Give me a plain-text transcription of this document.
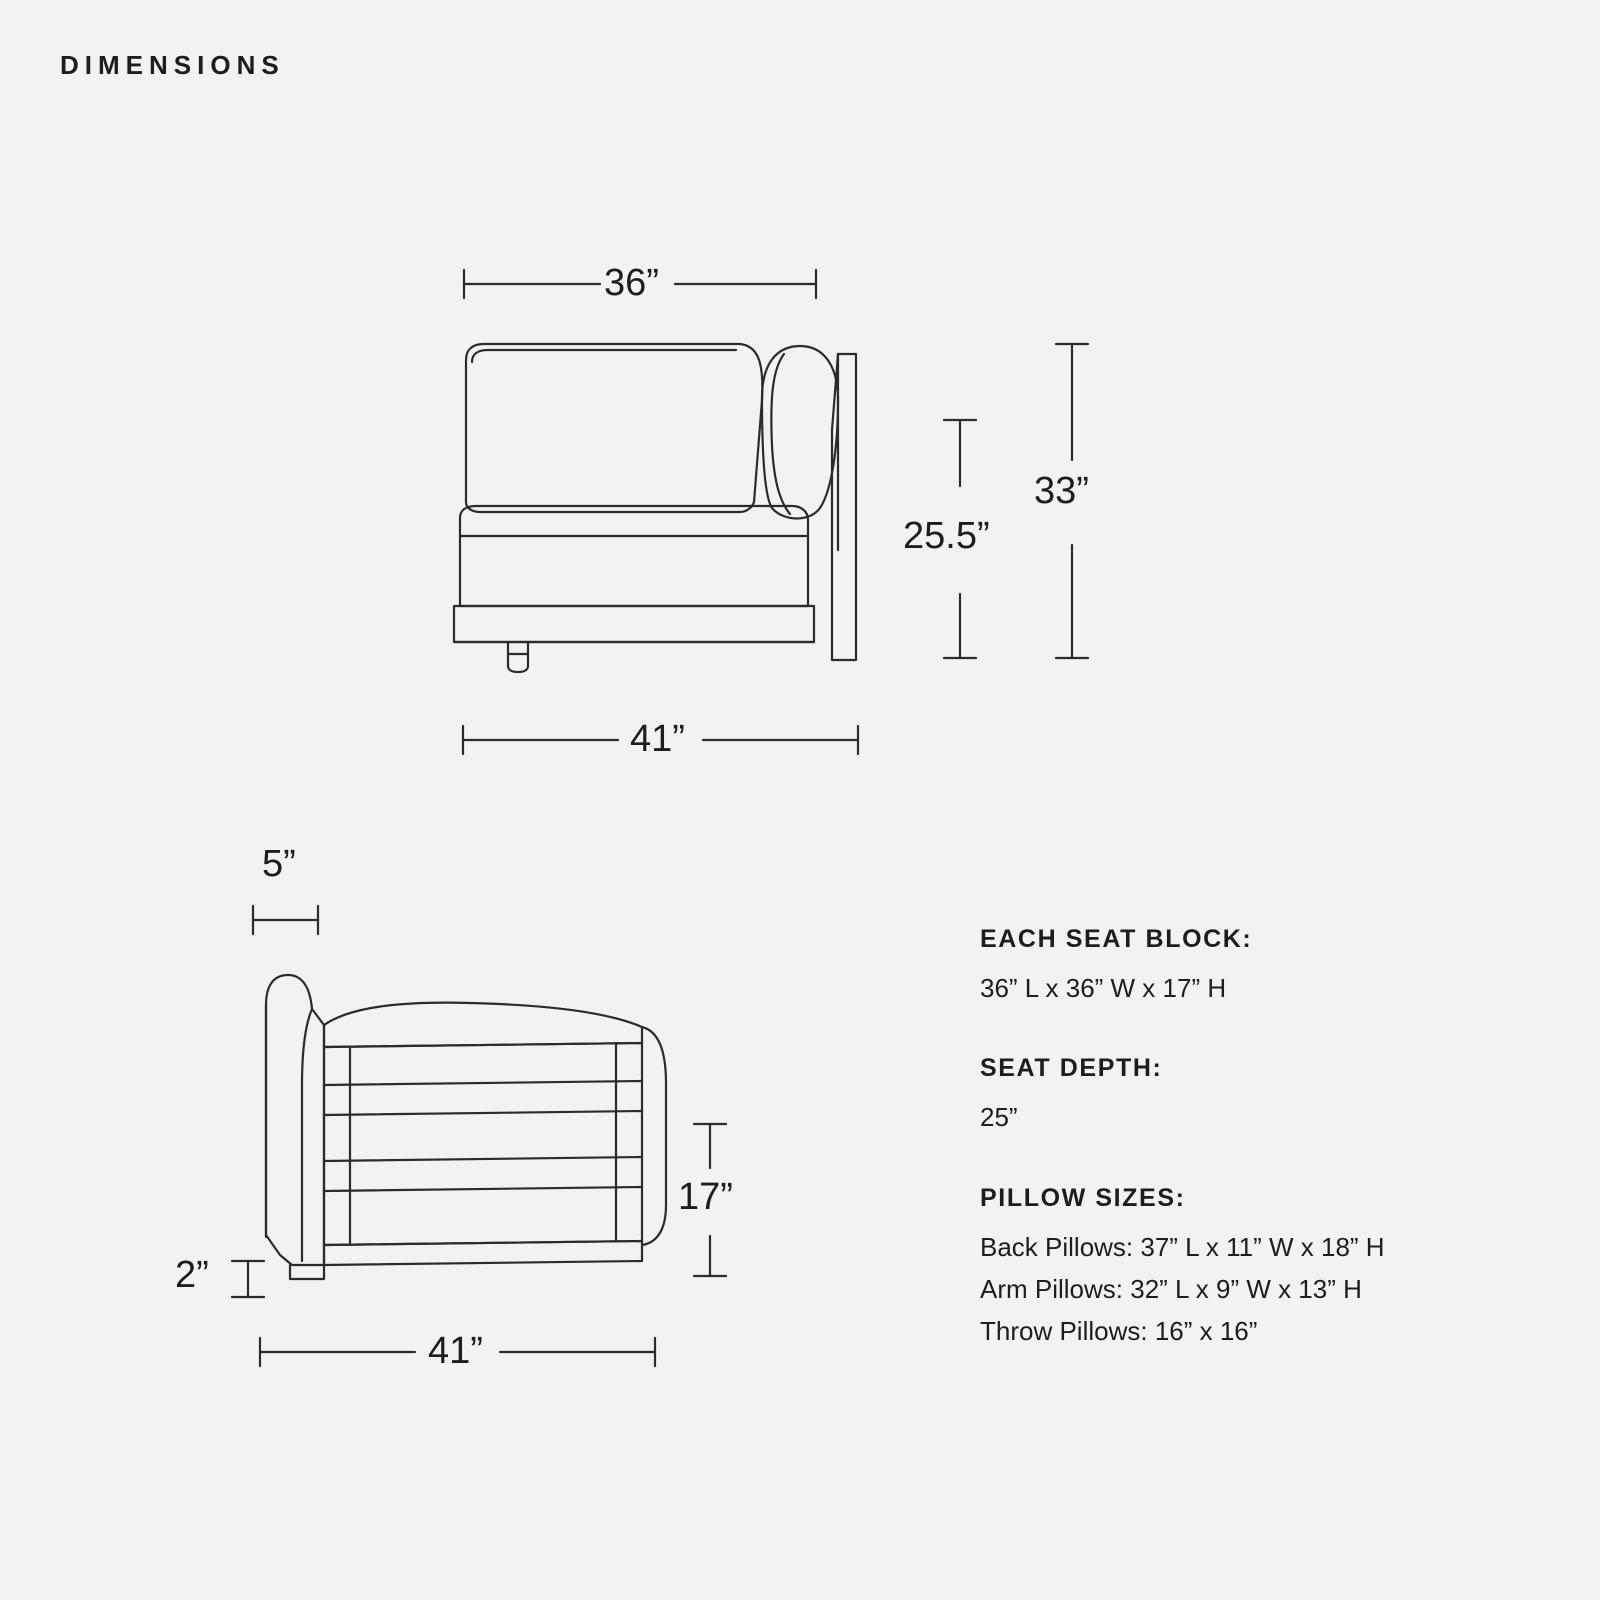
DIMENSIONS
36”
25.5”
33”
41”
5”
17”
2”
41”
EACH SEAT BLOCK:
36” L x 36” W x 17” H
SEAT DEPTH:
25”
PILLOW SIZES:
Back Pillows: 37” L x 11” W x 18” H
Arm Pillows: 32” L x 9” W x 13” H
Throw Pillows: 16” x 16”
